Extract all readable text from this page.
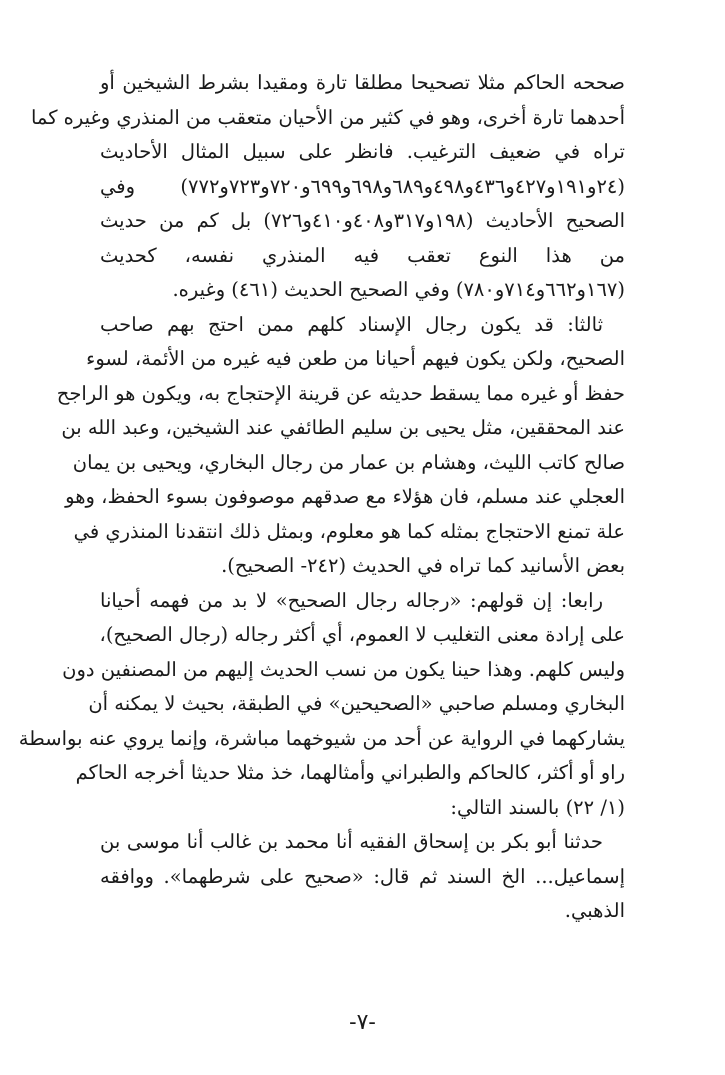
صححه الحاكم مثلا تصحيحا مطلقا تارة ومقيدا بشرط الشيخين أو
أحدهما تارة أخرى، وهو في كثير من الأحيان متعقب من المنذري وغيره كما
تراه في ضعيف الترغيب. فانظر على سبيل المثال الأحاديث
(٢٤و١٩١و٤٢٧و٤٣٦و٤٩٨و٦٨٩و٦٩٨و٦٩٩و٧٢٠و٧٢٣و٧٧٢) وفي
الصحيح الأحاديث (١٩٨و٣١٧و٤٠٨و٤١٠و٧٢٦) بل كم من حديث
من هذا النوع تعقب فيه المنذري نفسه، كحديث
(١٦٧و٦٦٢و٧١٤و٧٨٠) وفي الصحيح الحديث (٤٦١) وغيره.
ثالثا: قد يكون رجال الإسناد كلهم ممن احتج بهم صاحب
الصحيح، ولكن يكون فيهم أحيانا من طعن فيه غيره من الأئمة، لسوء
حفظ أو غيره مما يسقط حديثه عن قرينة الإحتجاج به، ويكون هو الراجح
عند المحققين، مثل يحيى بن سليم الطائفي عند الشيخين، وعبد الله بن
صالح كاتب الليث، وهشام بن عمار من رجال البخاري، ويحيى بن يمان
العجلي عند مسلم، فان هؤلاء مع صدقهم موصوفون بسوء الحفظ، وهو
علة تمنع الاحتجاج بمثله كما هو معلوم، وبمثل ذلك انتقدنا المنذري في
بعض الأسانيد كما تراه في الحديث (٢٤٢- الصحيح).
رابعا: إن قولهم: «رجاله رجال الصحيح» لا بد من فهمه أحيانا
على إرادة معنى التغليب لا العموم، أي أكثر رجاله (رجال الصحيح)،
وليس كلهم. وهذا حينا يكون من نسب الحديث إليهم من المصنفين دون
البخاري ومسلم صاحبي «الصحيحين» في الطبقة، بحيث لا يمكنه أن
يشاركهما في الرواية عن أحد من شيوخهما مباشرة، وإنما يروي عنه بواسطة
راو أو أكثر، كالحاكم والطبراني وأمثالهما، خذ مثلا حديثا أخرجه الحاكم
(١/ ٢٢) بالسند التالي:
حدثنا أبو بكر بن إسحاق الفقيه أنا محمد بن غالب أنا موسى بن
إسماعيل... الخ السند ثم قال: «صحيح على شرطهما». ووافقه
الذهبي.
-٧-
